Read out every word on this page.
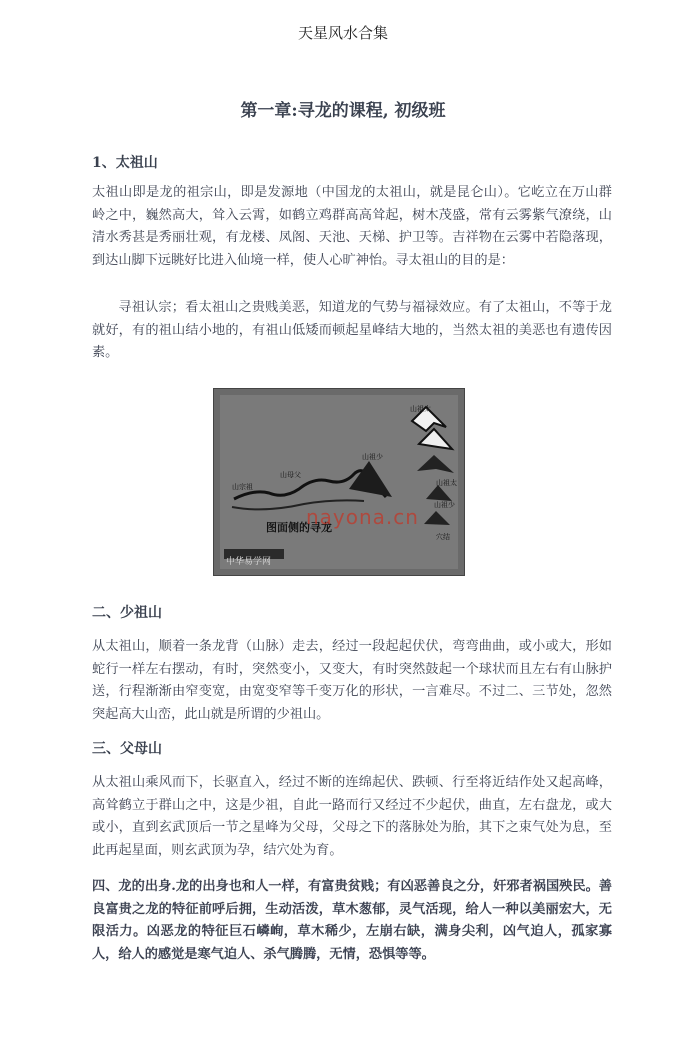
天星风水合集
第一章:寻龙的课程, 初级班
1、太祖山
太祖山即是龙的祖宗山，即是发源地（中国龙的太祖山，就是昆仑山）。它屹立在万山群岭之中，巍然高大，耸入云霄，如鹤立鸡群高高耸起，树木茂盛，常有云雾紫气潦绕，山清水秀甚是秀丽壮观，有龙楼、凤阁、天池、天梯、护卫等。吉祥物在云雾中若隐落现，到达山脚下远眺好比进入仙境一样，使人心旷神怡。寻太祖山的目的是：
寻祖认宗；看太祖山之贵贱美恶，知道龙的气势与福禄效应。有了太祖山，不等于龙就好，有的祖山结小地的，有祖山低矮而顿起星峰结大地的，当然太祖的美恶也有遗传因素。
山祖太
山祖少
山母父
山宗祖	山祖太
山祖少
穴结
图面侧的寻龙
中华易学网
nayona.cn
二、少祖山
从太祖山，顺着一条龙背（山脉）走去，经过一段起起伏伏，弯弯曲曲，或小或大，形如蛇行一样左右摆动，有时，突然变小，又变大，有时突然鼓起一个球状而且左右有山脉护送，行程渐渐由窄变宽，由宽变窄等千变万化的形状，一言难尽。不过二、三节处，忽然突起高大山峦，此山就是所谓的少祖山。
三、父母山
从太祖山乘风而下，长驱直入，经过不断的连绵起伏、跌顿、行至将近结作处又起高峰，高耸鹤立于群山之中，这是少祖，自此一路而行又经过不少起伏，曲直，左右盘龙，或大或小，直到玄武顶后一节之星峰为父母，父母之下的落脉处为胎，其下之束气处为息，至此再起星面，则玄武顶为孕，结穴处为育。
四、龙的出身.龙的出身也和人一样，有富贵贫贱；有凶恶善良之分，奸邪者祸国殃民。善良富贵之龙的特征前呼后拥，生动活泼，草木葱郁，灵气活现，给人一种以美丽宏大，无限活力。凶恶龙的特征巨石嶙峋，草木稀少，左崩右缺，满身尖利，凶气迫人，孤家寡人，给人的感觉是寒气迫人、杀气腾腾，无情，恐惧等等。
